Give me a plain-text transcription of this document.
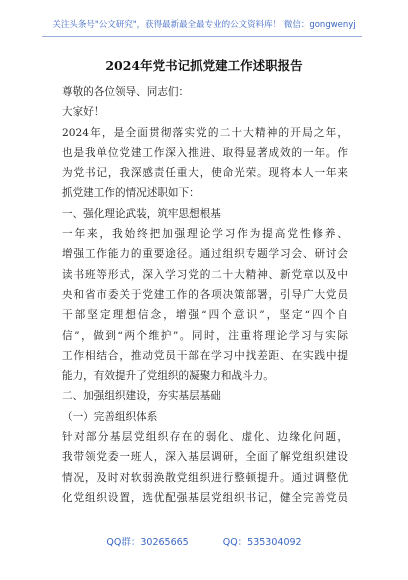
关注头条号"公文研究"，获得最新最全最专业的公文资料库！ 微信：gongwenyj
2024年党书记抓党建工作述职报告

尊敬的各位领导、同志们：

大家好！

2024年，是全面贯彻落实党的二十大精神的开局之年，

也是我单位党建工作深入推进、取得显著成效的一年。作

为党书记，我深感责任重大，使命光荣。现将本人一年来

抓党建工作的情况述职如下：

一、强化理论武装，筑牢思想根基

一年来，我始终把加强理论学习作为提高党性修养、

增强工作能力的重要途径。通过组织专题学习会、研讨会

读书班等形式，深入学习党的二十大精神、新党章以及中

央和省市委关于党建工作的各项决策部署，引导广大党员

干部坚定理想信念，增强“四个意识”，坚定“四个自

信”，做到“两个维护”。同时，注重将理论学习与实际

工作相结合，推动党员干部在学习中找差距、在实践中提

能力，有效提升了党组织的凝聚力和战斗力。

二、加强组织建设，夯实基层基础

（一）完善组织体系

针对部分基层党组织存在的弱化、虚化、边缘化问题，

我带领党委一班人，深入基层调研，全面了解党组织建设

情况，及时对软弱涣散党组织进行整顿提升。通过调整优

化党组织设置，选优配强基层党组织书记，健全完善党员

QQ群：30265665	QQ：535304092
